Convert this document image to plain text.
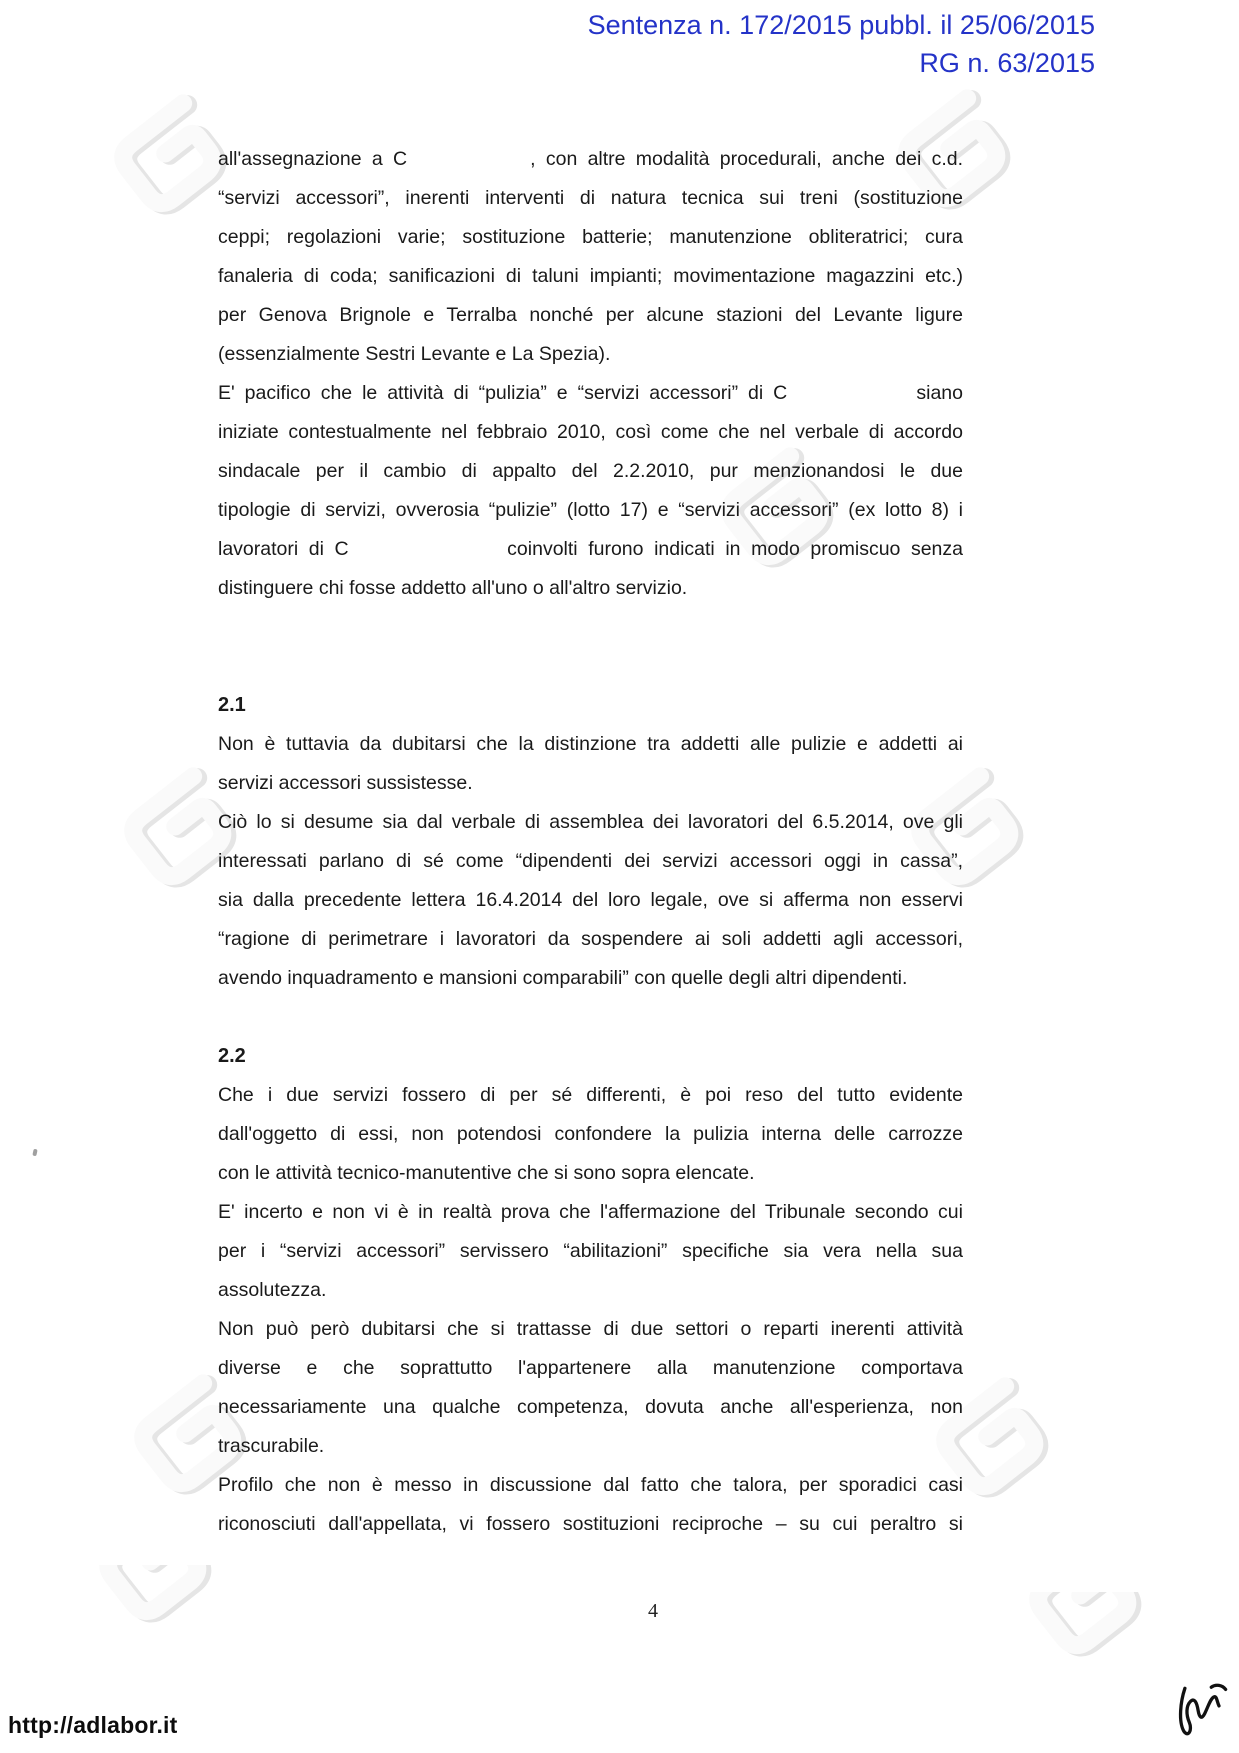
Sentenza n. 172/2015 pubbl. il 25/06/2015
RG n. 63/2015
all'assegnazione a C            , con altre modalità procedurali, anche dei c.d.
“servizi accessori”, inerenti interventi di natura tecnica sui treni (sostituzione
ceppi; regolazioni varie; sostituzione batterie; manutenzione obliteratrici; cura
fanaleria di coda; sanificazioni di taluni impianti; movimentazione magazzini etc.)
per Genova Brignole e Terralba nonché per alcune stazioni del Levante ligure
(essenzialmente Sestri Levante e La Spezia).
E' pacifico che le attività di “pulizia” e “servizi accessori” di C             siano
iniziate contestualmente nel febbraio 2010, così come che nel verbale di accordo
sindacale per il cambio di appalto del 2.2.2010, pur menzionandosi le due
tipologie di servizi, ovverosia “pulizie” (lotto 17) e “servizi accessori” (ex lotto 8) i
lavoratori di C               coinvolti furono indicati in modo promiscuo senza
distinguere chi fosse addetto all'uno o all'altro servizio.
2.1
Non è tuttavia da dubitarsi che la distinzione tra addetti alle pulizie e addetti ai
servizi accessori sussistesse.
Ciò lo si desume sia dal verbale di assemblea dei lavoratori del 6.5.2014, ove gli
interessati parlano di sé come “dipendenti dei servizi accessori oggi in cassa”,
sia dalla precedente lettera 16.4.2014 del loro legale, ove si afferma non esservi
“ragione di perimetrare i lavoratori da sospendere ai soli addetti agli accessori,
avendo inquadramento e mansioni comparabili” con quelle degli altri dipendenti.
2.2
Che i due servizi fossero di per sé differenti, è poi reso del tutto evidente
dall'oggetto di essi, non potendosi confondere la pulizia interna delle carrozze
con le attività tecnico-manutentive che si sono sopra elencate.
E' incerto e non vi è in realtà prova che l'affermazione del Tribunale secondo cui
per i “servizi accessori” servissero “abilitazioni” specifiche sia vera nella sua
assolutezza.
Non può però dubitarsi che si trattasse di due settori o reparti inerenti attività
diverse e che soprattutto l'appartenere alla manutenzione comportava
necessariamente una qualche competenza, dovuta anche all'esperienza, non
trascurabile.
Profilo che non è messo in discussione dal fatto che talora, per sporadici casi
riconosciuti dall'appellata, vi fossero sostituzioni reciproche – su cui peraltro si
4
http://adlabor.it
